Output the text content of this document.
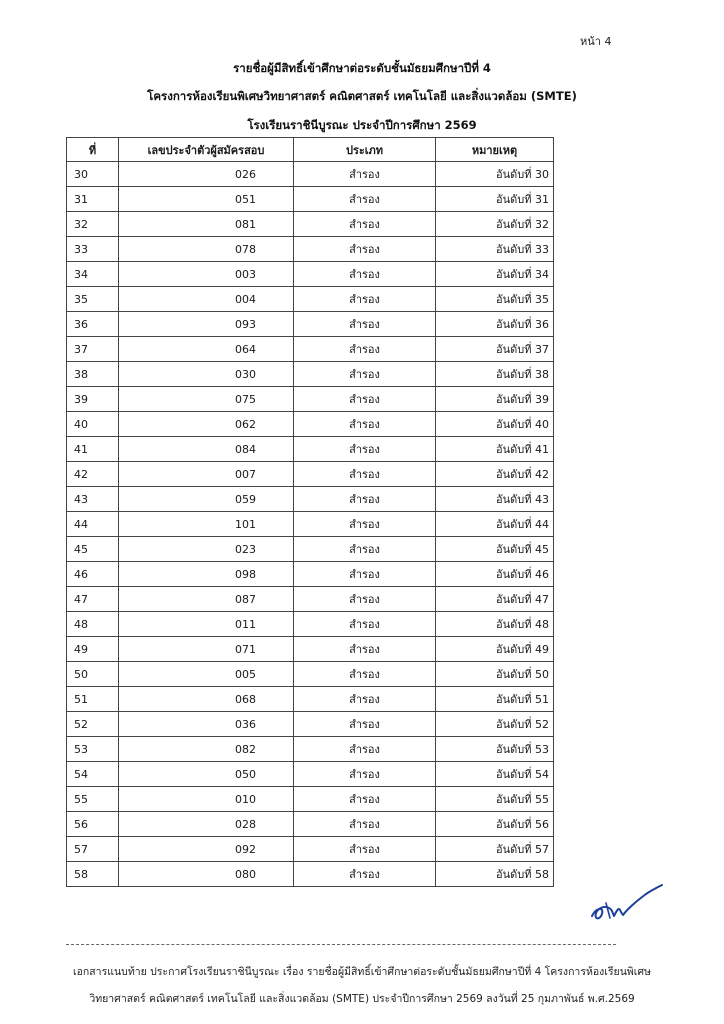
หน้า 4
รายชื่อผู้มีสิทธิ์เข้าศึกษาต่อระดับชั้นมัธยมศึกษาปีที่ 4
โครงการห้องเรียนพิเศษวิทยาศาสตร์ คณิตศาสตร์ เทคโนโลยี และสิ่งแวดล้อม (SMTE)
โรงเรียนราชินีบูรณะ ประจำปีการศึกษา 2569
ที่	เลขประจำตัวผู้สมัครสอบ	ประเภท	หมายเหตุ
30	026	สำรอง	อันดับที่ 30
31	051	สำรอง	อันดับที่ 31
32	081	สำรอง	อันดับที่ 32
33	078	สำรอง	อันดับที่ 33
34	003	สำรอง	อันดับที่ 34
35	004	สำรอง	อันดับที่ 35
36	093	สำรอง	อันดับที่ 36
37	064	สำรอง	อันดับที่ 37
38	030	สำรอง	อันดับที่ 38
39	075	สำรอง	อันดับที่ 39
40	062	สำรอง	อันดับที่ 40
41	084	สำรอง	อันดับที่ 41
42	007	สำรอง	อันดับที่ 42
43	059	สำรอง	อันดับที่ 43
44	101	สำรอง	อันดับที่ 44
45	023	สำรอง	อันดับที่ 45
46	098	สำรอง	อันดับที่ 46
47	087	สำรอง	อันดับที่ 47
48	011	สำรอง	อันดับที่ 48
49	071	สำรอง	อันดับที่ 49
50	005	สำรอง	อันดับที่ 50
51	068	สำรอง	อันดับที่ 51
52	036	สำรอง	อันดับที่ 52
53	082	สำรอง	อันดับที่ 53
54	050	สำรอง	อันดับที่ 54
55	010	สำรอง	อันดับที่ 55
56	028	สำรอง	อันดับที่ 56
57	092	สำรอง	อันดับที่ 57
58	080	สำรอง	อันดับที่ 58
เอกสารแนบท้าย ประกาศโรงเรียนราชินีบูรณะ เรื่อง รายชื่อผู้มีสิทธิ์เข้าศึกษาต่อระดับชั้นมัธยมศึกษาปีที่ 4 โครงการห้องเรียนพิเศษ
วิทยาศาสตร์ คณิตศาสตร์ เทคโนโลยี และสิ่งแวดล้อม (SMTE) ประจำปีการศึกษา 2569 ลงวันที่ 25 กุมภาพันธ์ พ.ศ.2569
